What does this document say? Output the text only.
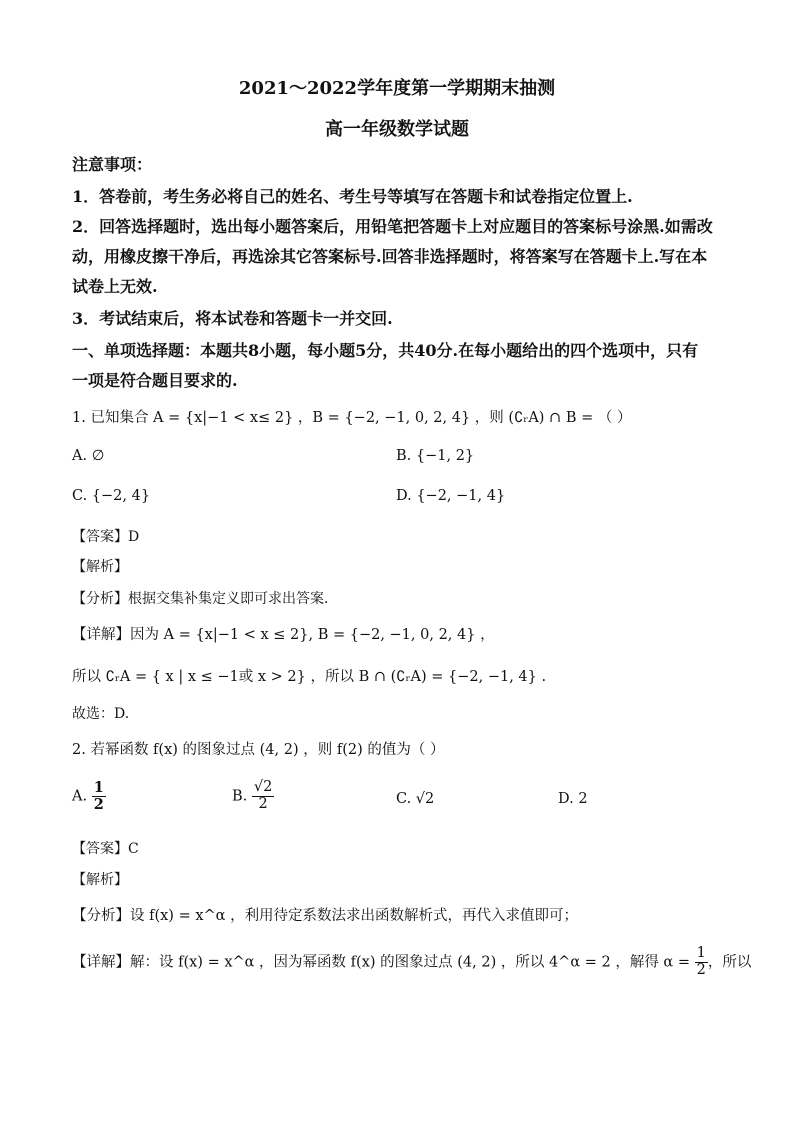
2021～2022学年度第一学期期末抽测
高一年级数学试题
注意事项：
1．答卷前，考生务必将自己的姓名、考生号等填写在答题卡和试卷指定位置上.
2．回答选择题时，选出每小题答案后，用铅笔把答题卡上对应题目的答案标号涂黑.如需改
动，用橡皮擦干净后，再选涂其它答案标号.回答非选择题时，将答案写在答题卡上.写在本
试卷上无效.
3．考试结束后，将本试卷和答题卡一并交回.
一、单项选择题：本题共8小题，每小题5分，共40分.在每小题给出的四个选项中，只有
一项是符合题目要求的.
1. 已知集合 A = {x|−1 < x≤ 2} ，B = {−2, −1, 0, 2, 4} ，则 (∁ᵣA) ∩ B = （ ）
A. ∅	B. {−1, 2}
C. {−2, 4}	D. {−2, −1, 4}
【答案】D
【解析】
【分析】根据交集补集定义即可求出答案.
【详解】因为 A = {x|−1 < x ≤ 2}, B = {−2, −1, 0, 2, 4} ，
所以 ∁ᵣA = { x | x ≤ −1或 x > 2} ，所以 B ∩ (∁ᵣA) = {−2, −1, 4} .
故选：D.
2. 若幂函数 f(x) 的图象过点 (4, 2) ，则 f(2) 的值为（ ）
A. $\frac{1}{2}$	B. $\frac{√2}{2}$	C. √2	D. 2
【答案】C
【解析】
【分析】设 f(x) = x^α ，利用待定系数法求出函数解析式，再代入求值即可；
【详解】解：设 f(x) = x^α ，因为幂函数 f(x) 的图象过点 (4, 2) ，所以 4^α = 2 ，解得 $\alpha = \frac{1}{2}$ ，所以
